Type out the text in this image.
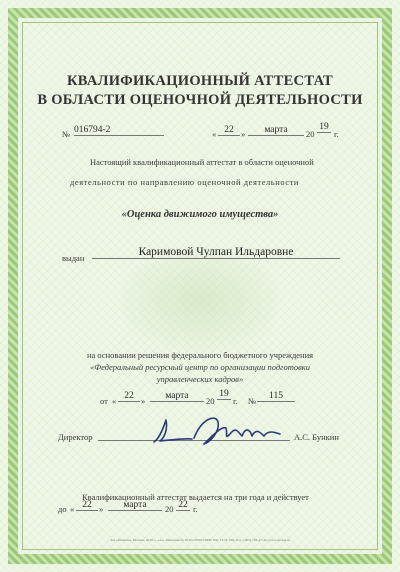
КВАЛИФИКАЦИОННЫЙ АТТЕСТАТ
В ОБЛАСТИ ОЦЕНОЧНОЙ ДЕЯТЕЛЬНОСТИ
№ 016794-2	« 22 »	марта	20
19
г.
Настоящий квалификационный аттестат в области оценочной
деятельности по направлению оценочной деятельности
«Оценка движимого имущества»
выдан	Каримовой Чулпан Ильдаровне
на основании решения федерального бюджетного учреждения
«Федеральный ресурсный центр по организации подготовки
управленческих кадров»
от « 22 »	марта	20
19
г. №	115
Директор	А.С. Бункин
Квалификационный аттестат выдается на три года и действует
до « 22 »	марта	20 22 г.
АО «Опцион», Москва, 2018 г., «А», Лицензия № 05-05-05/003 ФНС РФ, ТЗ № 188, Тел.: (495) 726-47-42, www.opcion.ru
